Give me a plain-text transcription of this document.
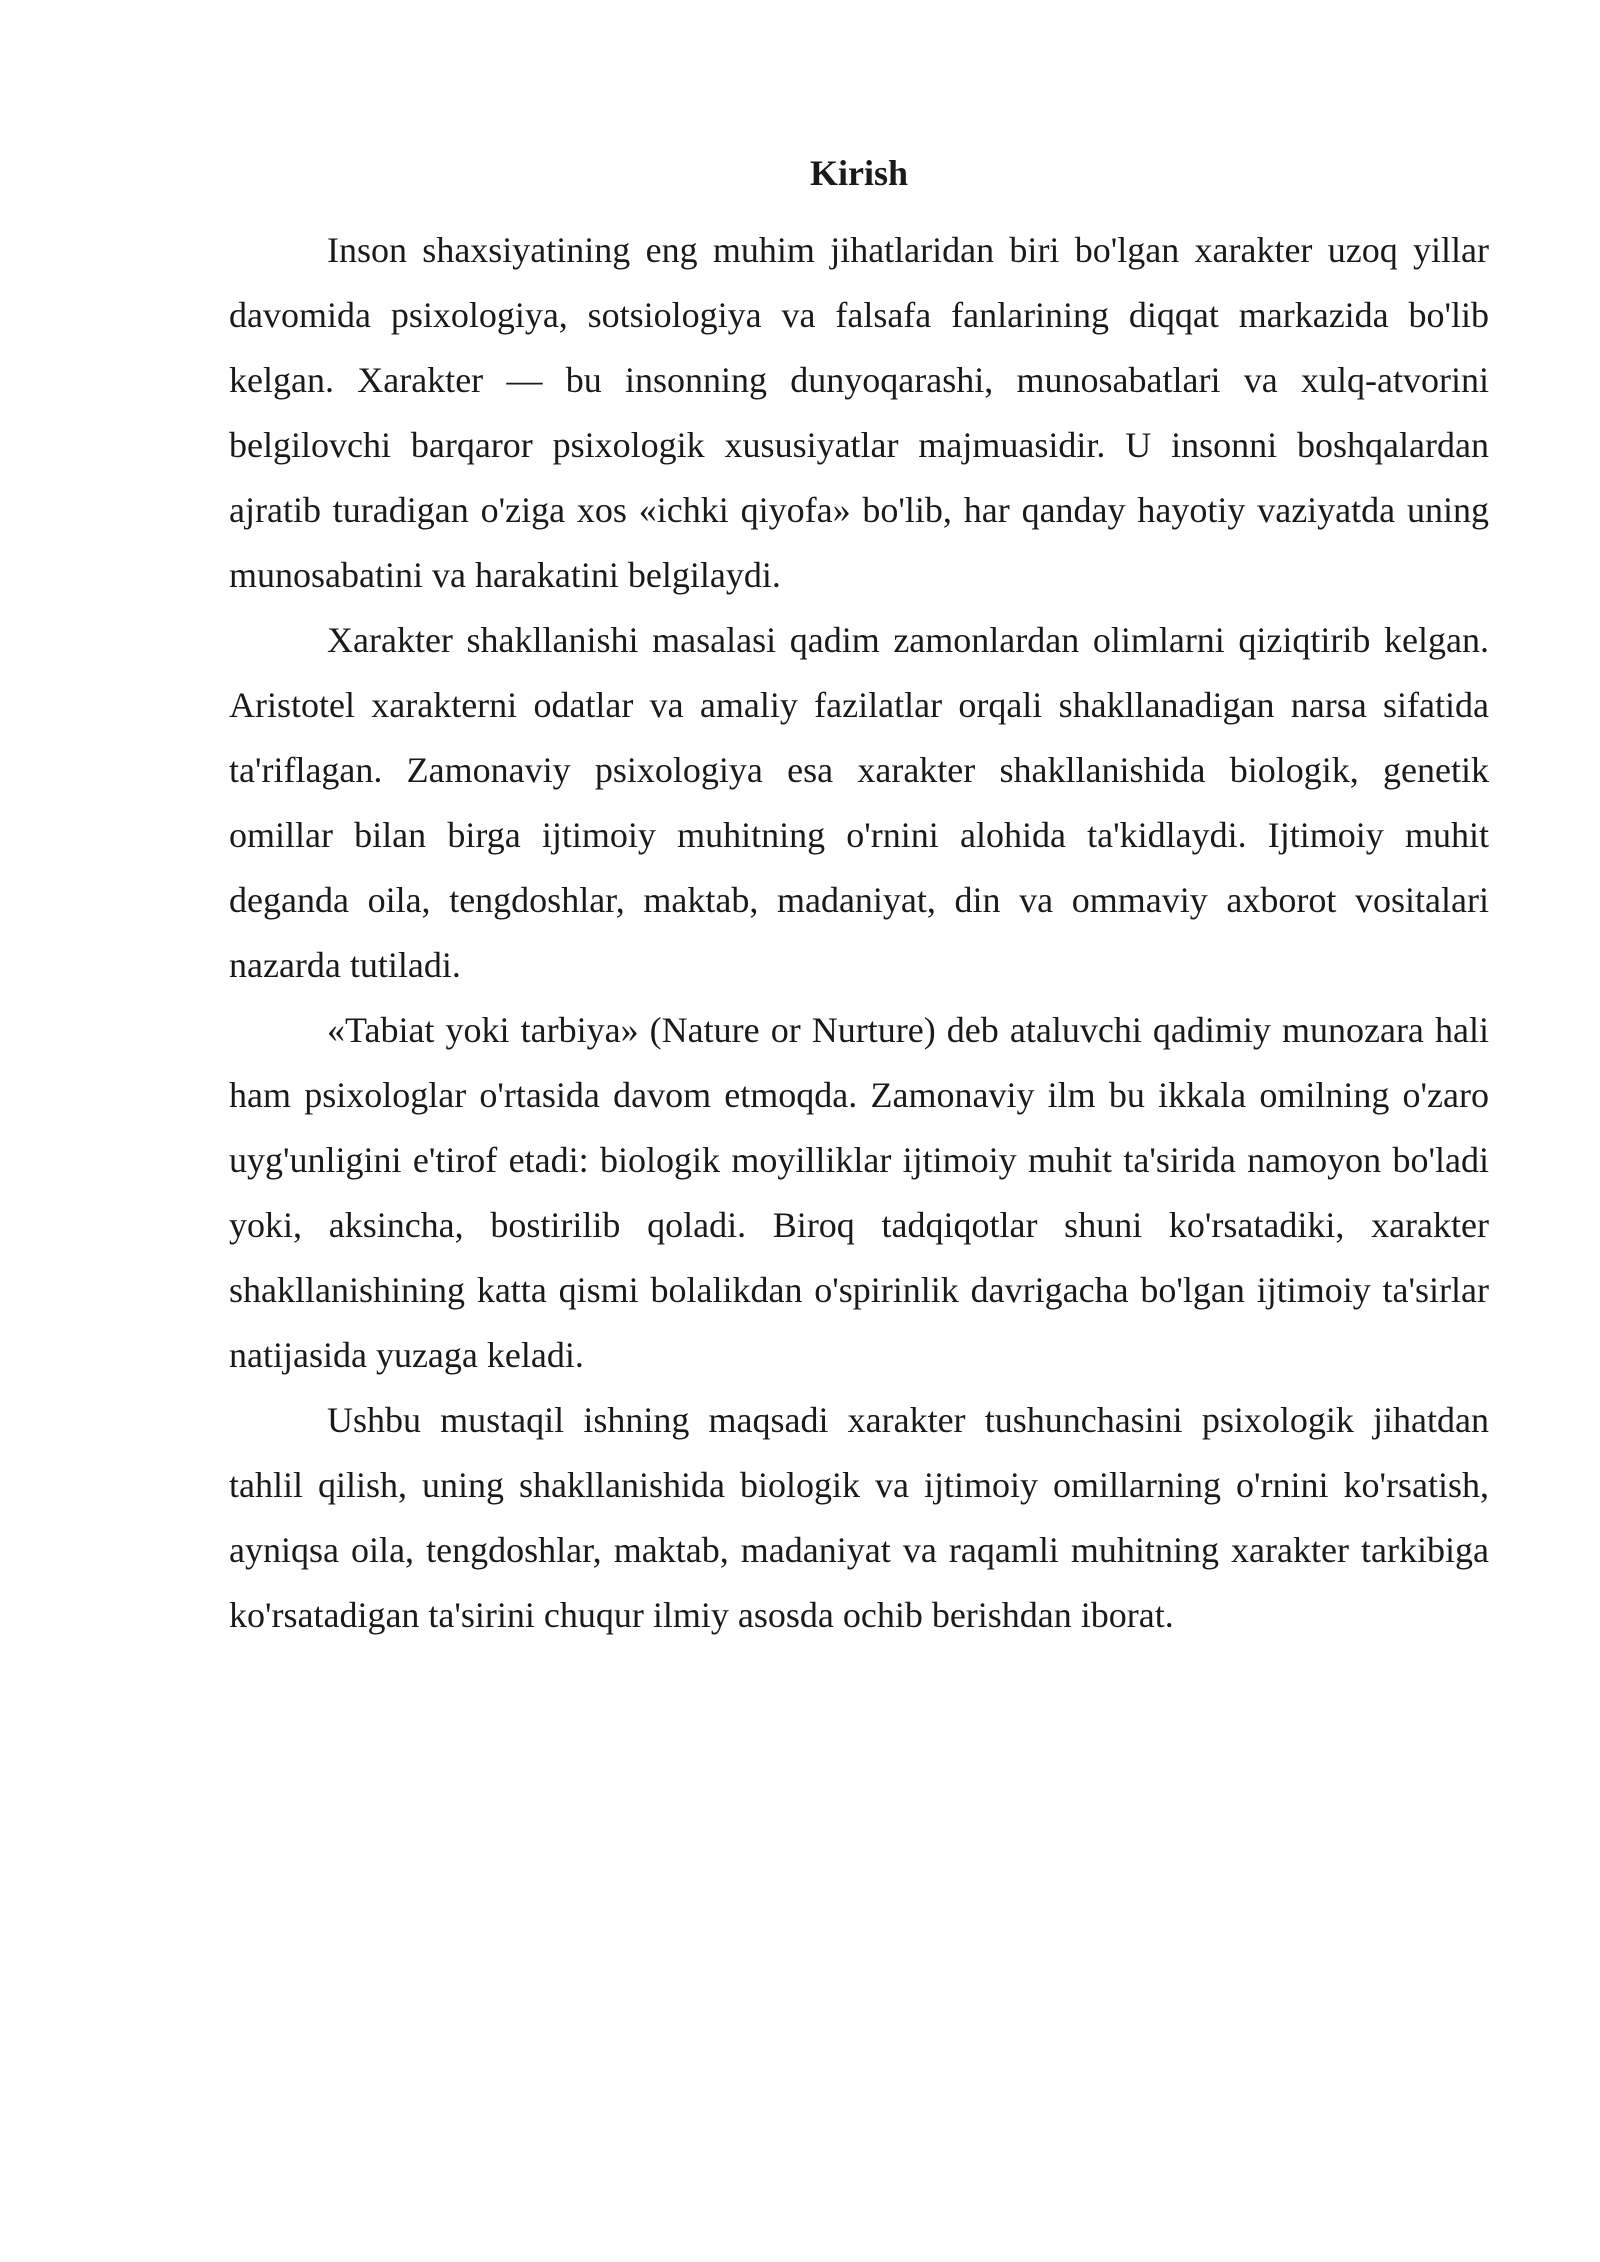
Kirish

Inson shaxsiyatining eng muhim jihatlaridan biri bo'lgan xarakter uzoq yillar davomida psixologiya, sotsiologiya va falsafa fanlarining diqqat markazida bo'lib kelgan. Xarakter — bu insonning dunyoqarashi, munosabatlari va xulq-atvorini belgilovchi barqaror psixologik xususiyatlar majmuasidir. U insonni boshqalardan ajratib turadigan o'ziga xos «ichki qiyofa» bo'lib, har qanday hayotiy vaziyatda uning munosabatini va harakatini belgilaydi.

Xarakter shakllanishi masalasi qadim zamonlardan olimlarni qiziqtirib kelgan. Aristotel xarakterni odatlar va amaliy fazilatlar orqali shakllanadigan narsa sifatida ta'riflagan. Zamonaviy psixologiya esa xarakter shakllanishida biologik, genetik omillar bilan birga ijtimoiy muhitning o'rnini alohida ta'kidlaydi. Ijtimoiy muhit deganda oila, tengdoshlar, maktab, madaniyat, din va ommaviy axborot vositalari nazarda tutiladi.

«Tabiat yoki tarbiya» (Nature or Nurture) deb ataluvchi qadimiy munozara hali ham psixologlar o'rtasida davom etmoqda. Zamonaviy ilm bu ikkala omilning o'zaro uyg'unligini e'tirof etadi: biologik moyilliklar ijtimoiy muhit ta'sirida namoyon bo'ladi yoki, aksincha, bostirilib qoladi. Biroq tadqiqotlar shuni ko'rsatadiki, xarakter shakllanishining katta qismi bolalikdan o'spirinlik davrigacha bo'lgan ijtimoiy ta'sirlar natijasida yuzaga keladi.

Ushbu mustaqil ishning maqsadi xarakter tushunchasini psixologik jihatdan tahlil qilish, uning shakllanishida biologik va ijtimoiy omillarning o'rnini ko'rsatish, ayniqsa oila, tengdoshlar, maktab, madaniyat va raqamli muhitning xarakter tarkibiga ko'rsatadigan ta'sirini chuqur ilmiy asosda ochib berishdan iborat.
